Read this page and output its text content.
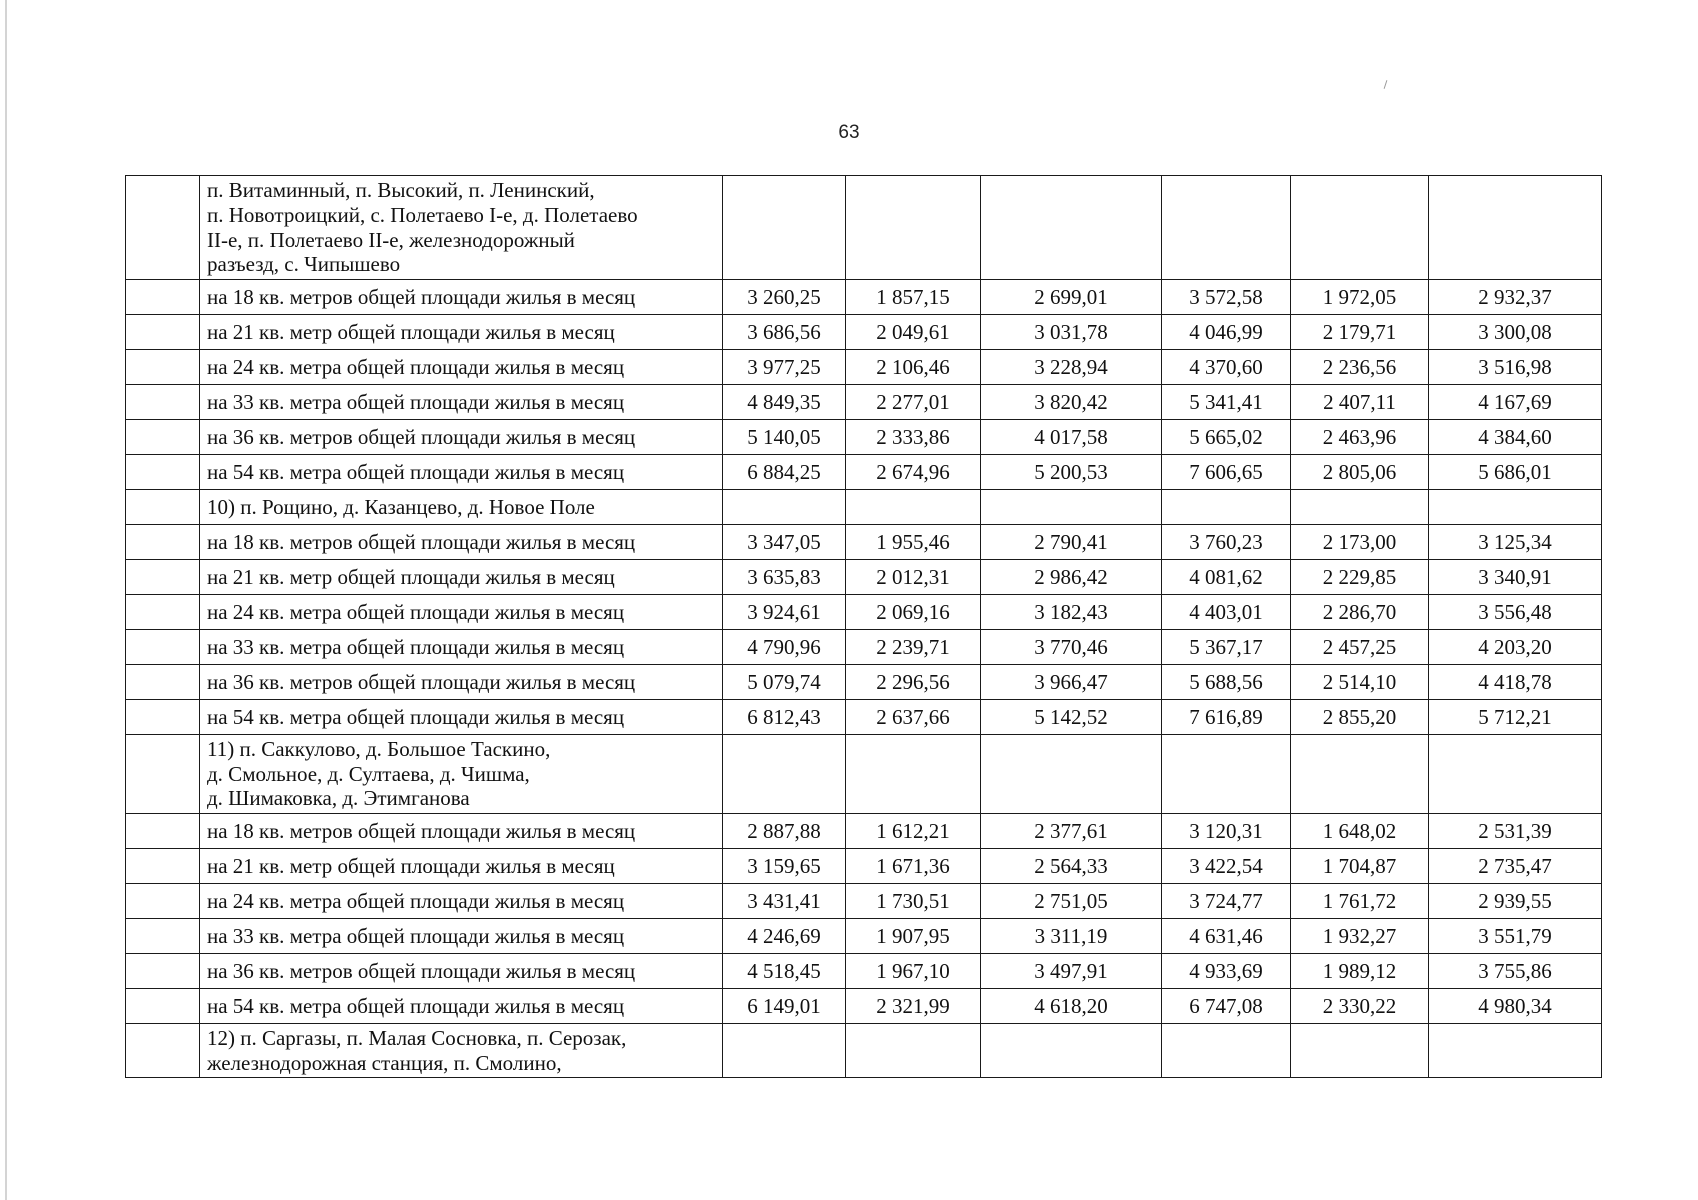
63

	п. Витаминный, п. Высокий, п. Ленинский,
п. Новотроицкий, с. Полетаево I-е, д. Полетаево
II-е, п. Полетаево II-е, железнодорожный
разъезд, с. Чипышево						

	на 18 кв. метров общей площади жилья в месяц	3 260,25	1 857,15	2 699,01	3 572,58	1 972,05	2 932,37
	на 21 кв. метр общей площади жилья в месяц	3 686,56	2 049,61	3 031,78	4 046,99	2 179,71	3 300,08
	на 24 кв. метра общей площади жилья в месяц	3 977,25	2 106,46	3 228,94	4 370,60	2 236,56	3 516,98
	на 33 кв. метра общей площади жилья в месяц	4 849,35	2 277,01	3 820,42	5 341,41	2 407,11	4 167,69
	на 36 кв. метров общей площади жилья в месяц	5 140,05	2 333,86	4 017,58	5 665,02	2 463,96	4 384,60
	на 54 кв. метра общей площади жилья в месяц	6 884,25	2 674,96	5 200,53	7 606,65	2 805,06	5 686,01

	10) п. Рощино, д. Казанцево, д. Новое Поле						

	на 18 кв. метров общей площади жилья в месяц	3 347,05	1 955,46	2 790,41	3 760,23	2 173,00	3 125,34
	на 21 кв. метр общей площади жилья в месяц	3 635,83	2 012,31	2 986,42	4 081,62	2 229,85	3 340,91
	на 24 кв. метра общей площади жилья в месяц	3 924,61	2 069,16	3 182,43	4 403,01	2 286,70	3 556,48
	на 33 кв. метра общей площади жилья в месяц	4 790,96	2 239,71	3 770,46	5 367,17	2 457,25	4 203,20
	на 36 кв. метров общей площади жилья в месяц	5 079,74	2 296,56	3 966,47	5 688,56	2 514,10	4 418,78
	на 54 кв. метра общей площади жилья в месяц	6 812,43	2 637,66	5 142,52	7 616,89	2 855,20	5 712,21

	11) п. Саккулово, д. Большое Таскино,
д. Смольное, д. Султаева, д. Чишма,
д. Шимаковка, д. Этимганова						

	на 18 кв. метров общей площади жилья в месяц	2 887,88	1 612,21	2 377,61	3 120,31	1 648,02	2 531,39
	на 21 кв. метр общей площади жилья в месяц	3 159,65	1 671,36	2 564,33	3 422,54	1 704,87	2 735,47
	на 24 кв. метра общей площади жилья в месяц	3 431,41	1 730,51	2 751,05	3 724,77	1 761,72	2 939,55
	на 33 кв. метра общей площади жилья в месяц	4 246,69	1 907,95	3 311,19	4 631,46	1 932,27	3 551,79
	на 36 кв. метров общей площади жилья в месяц	4 518,45	1 967,10	3 497,91	4 933,69	1 989,12	3 755,86
	на 54 кв. метра общей площади жилья в месяц	6 149,01	2 321,99	4 618,20	6 747,08	2 330,22	4 980,34

	12) п. Саргазы, п. Малая Сосновка, п. Серозак,
железнодорожная станция, п. Смолино,						
